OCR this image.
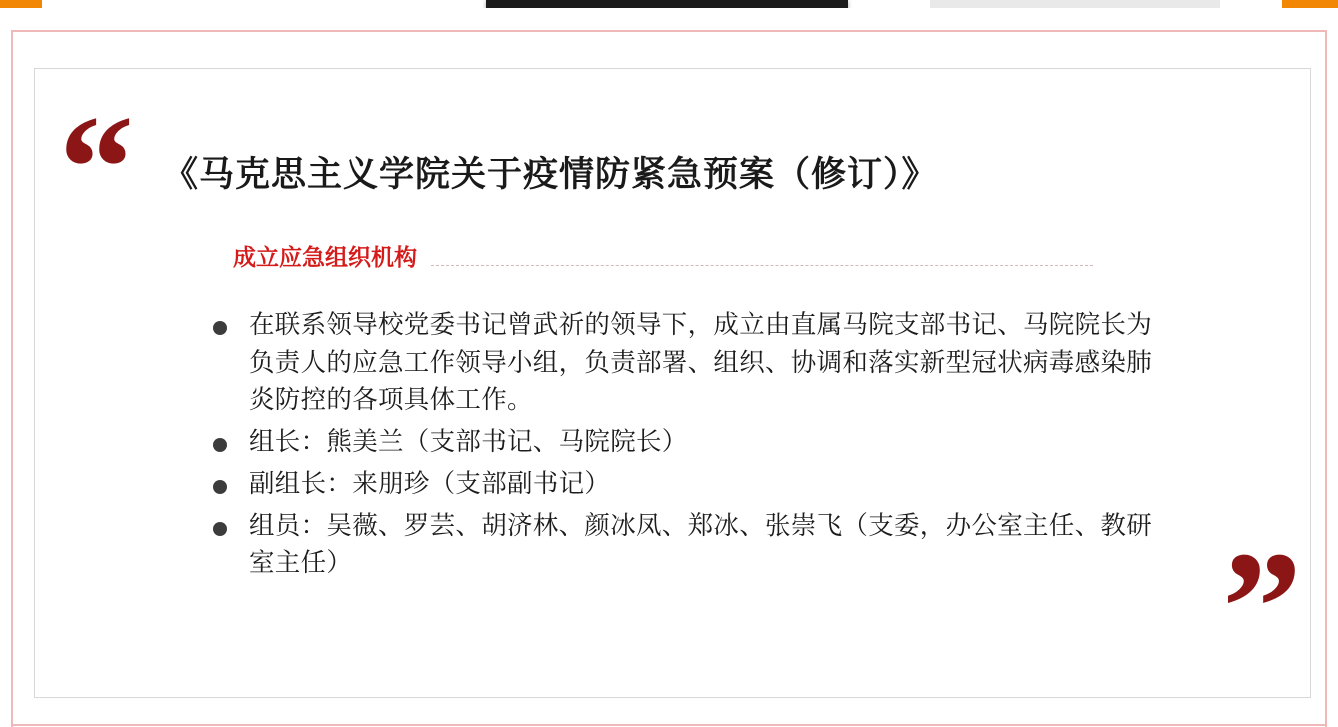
“ 《马克思主义学院关于疫情防紧急预案（修订）》
成立应急组织机构
在联系领导校党委书记曾武祈的领导下，成立由直属马院支部书记、马院院长为负责人的应急工作领导小组，负责部署、组织、协调和落实新型冠状病毒感染肺炎防控的各项具体工作。
组长：熊美兰（支部书记、马院院长）
副组长：来朋珍（支部副书记）
组员：吴薇、罗芸、胡济林、颜冰凤、郑冰、张崇飞（支委，办公室主任、教研室主任）	”
